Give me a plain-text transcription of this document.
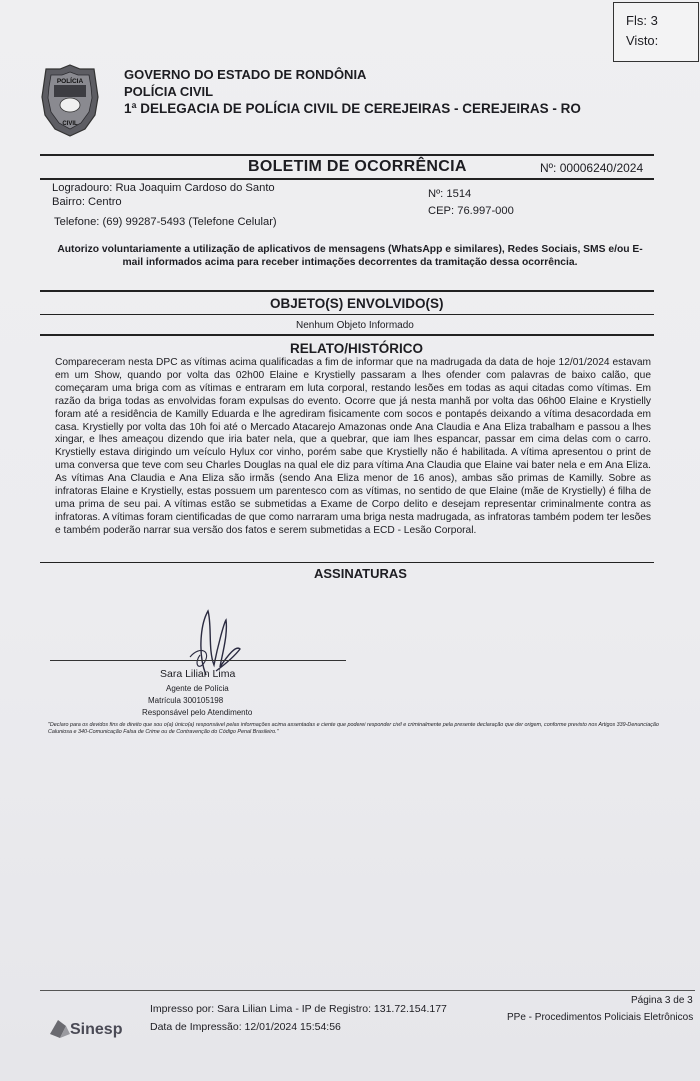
Fls: 3
Visto:
POLÍCIA
CIVIL
GOVERNO DO ESTADO DE RONDÔNIA
POLÍCIA CIVIL
1ª DELEGACIA DE POLÍCIA CIVIL DE CEREJEIRAS - CEREJEIRAS - RO
BOLETIM DE OCORRÊNCIA	Nº: 00006240/2024
Logradouro: Rua Joaquim Cardoso do Santo	Nº: 1514
Bairro: Centro
CEP: 76.997-000
Telefone: (69) 99287-5493 (Telefone Celular)
Autorizo voluntariamente a utilização de aplicativos de mensagens (WhatsApp e similares), Redes Sociais, SMS e/ou E-mail informados acima para receber intimações decorrentes da tramitação dessa ocorrência.
OBJETO(S) ENVOLVIDO(S)
Nenhum Objeto Informado
RELATO/HISTÓRICO
Compareceram nesta DPC as vítimas acima qualificadas a fim de informar que na madrugada da data de hoje 12/01/2024 estavam em um Show, quando por volta das 02h00 Elaine e Krystielly passaram a lhes ofender com palavras de baixo calão, que começaram uma briga com as vítimas e entraram em luta corporal, restando lesões em todas as aqui citadas como vítimas. Em razão da briga todas as envolvidas foram expulsas do evento. Ocorre que já nesta manhã por volta das 06h00 Elaine e Krystielly foram até a residência de Kamilly Eduarda e lhe agrediram fisicamente com socos e pontapés deixando a vítima desacordada em casa. Krystielly por volta das 10h foi até o Mercado Atacarejo Amazonas onde Ana Claudia e Ana Eliza trabalham e passou a lhes xingar, e lhes ameaçou dizendo que iria bater nela, que a quebrar, que iam lhes espancar, passar em cima delas com o carro. Krystielly estava dirigindo um veículo Hylux cor vinho, porém sabe que Krystielly não é habilitada. A vítima apresentou o print de uma conversa que teve com seu Charles Douglas na qual ele diz para vítima Ana Claudia que Elaine vai bater nela e em Ana Eliza. As vítimas Ana Claudia e Ana Eliza são irmãs (sendo Ana Eliza menor de 16 anos), ambas são primas de Kamilly. Sobre as infratoras Elaine e Krystielly, estas possuem um parentesco com as vítimas, no sentido de que Elaine (mãe de Krystielly) é filha de uma prima de seu pai. A vítimas estão se submetidas a Exame de Corpo delito e desejam representar criminalmente contra as infratoras. A vítimas foram cientificadas de que como narraram uma briga nesta madrugada, as infratoras também podem ter lesões e também poderão narrar sua versão dos fatos e serem submetidas a ECD - Lesão Corporal.
ASSINATURAS
Sara Lilian Lima
Agente de Polícia
Matrícula 300105198
Responsável pelo Atendimento
"Declaro para os devidos fins de direito que sou o(a) único(a) responsável pelas informações acima assentadas e ciente que poderei responder civil e criminalmente pela presente declaração que der origem, conforme previsto nos Artigos 339-Denunciação Caluniosa e 340-Comunicação Falsa de Crime ou de Contravenção do Código Penal Brasileiro."
Sinesp
Impresso por: Sara Lilian Lima - IP de Registro: 131.72.154.177
Data de Impressão: 12/01/2024 15:54:56
Página 3 de 3
PPe - Procedimentos Policiais Eletrônicos
